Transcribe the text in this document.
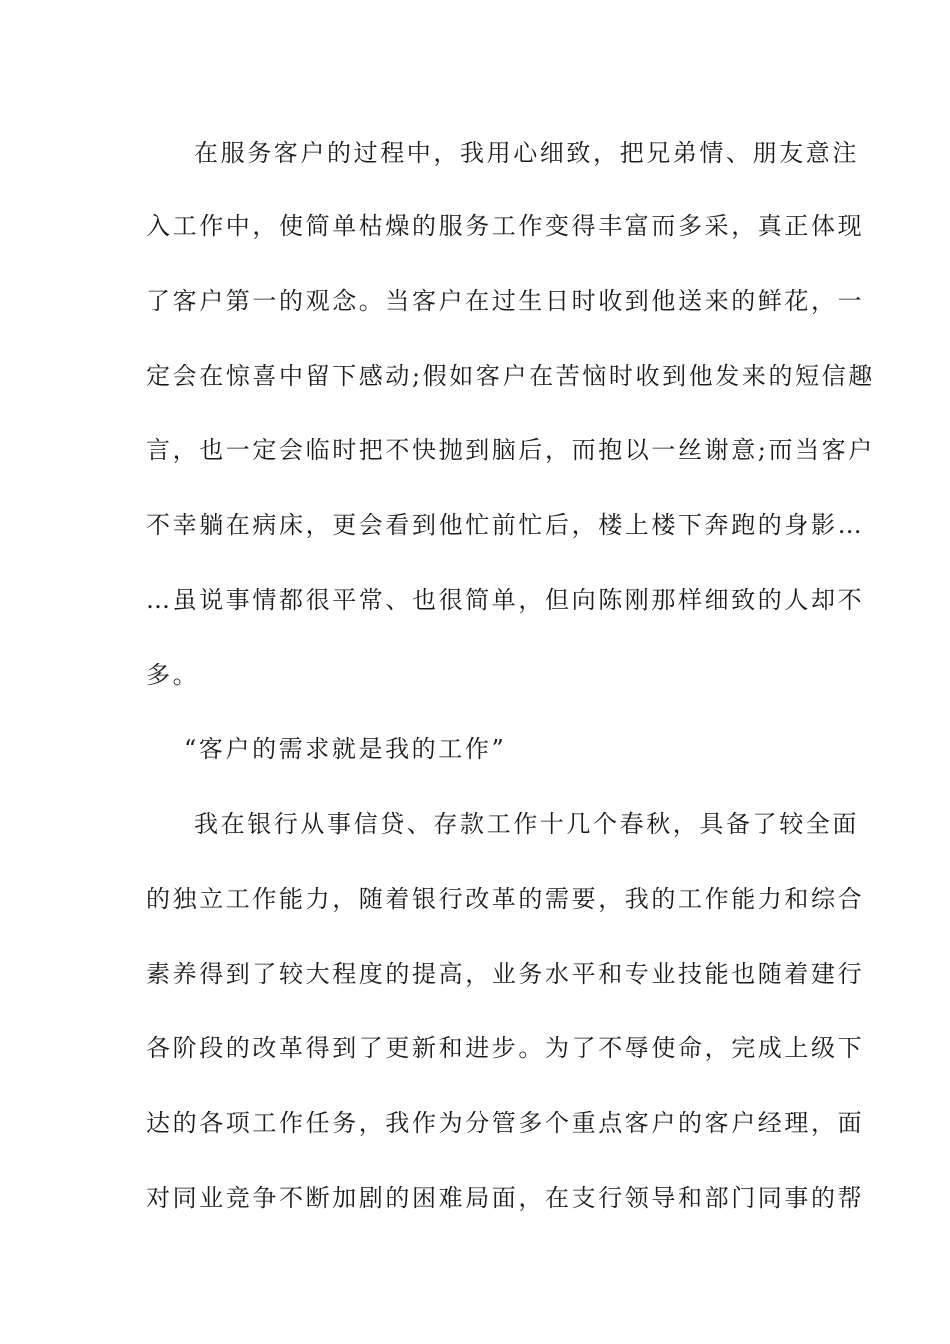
在服务客户的过程中，我用心细致，把兄弟情、朋友意注
入工作中，使简单枯燥的服务工作变得丰富而多采，真正体现
了客户第一的观念。当客户在过生日时收到他送来的鲜花，一
定会在惊喜中留下感动;假如客户在苦恼时收到他发来的短信趣
言，也一定会临时把不快抛到脑后，而抱以一丝谢意;而当客户
不幸躺在病床，更会看到他忙前忙后，楼上楼下奔跑的身影…
…虽说事情都很平常、也很简单，但向陈刚那样细致的人却不
多。
“客户的需求就是我的工作”
我在银行从事信贷、存款工作十几个春秋，具备了较全面
的独立工作能力，随着银行改革的需要，我的工作能力和综合
素养得到了较大程度的提高，业务水平和专业技能也随着建行
各阶段的改革得到了更新和进步。为了不辱使命，完成上级下
达的各项工作任务，我作为分管多个重点客户的客户经理，面
对同业竞争不断加剧的困难局面，在支行领导和部门同事的帮
